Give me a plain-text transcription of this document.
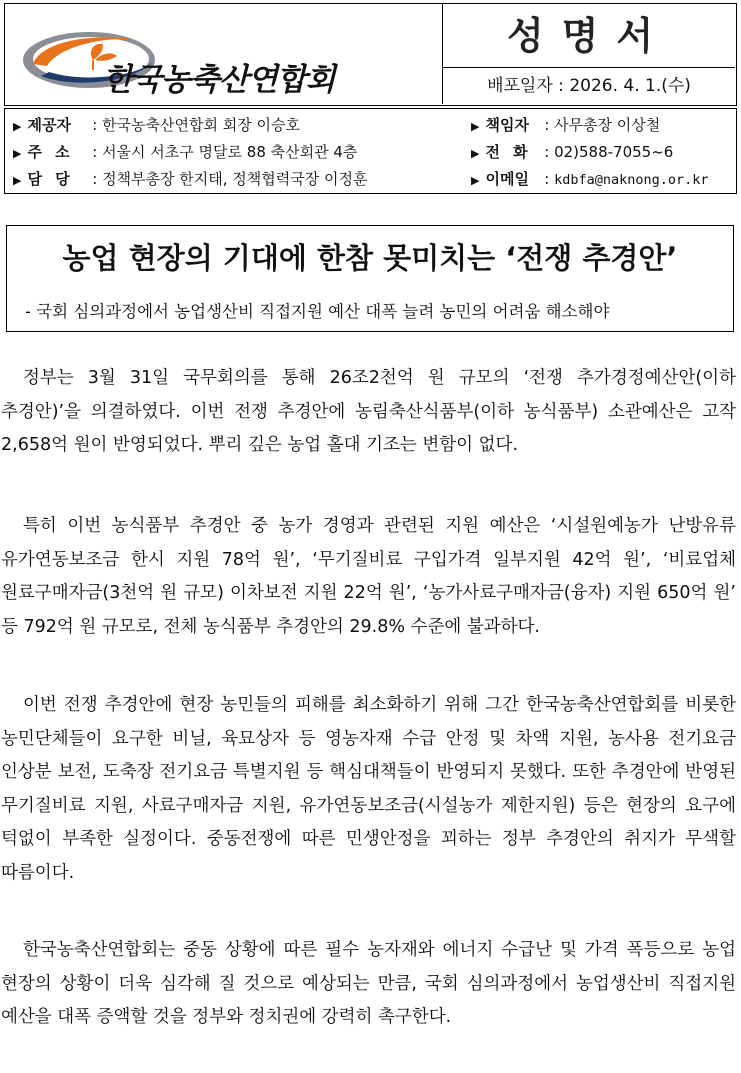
한국농축산연합회
성명서
배포일자 : 2026. 4. 1.(수)
▶ 제공자 : 한국농축산연합회 회장 이승호
▶ 주 소 : 서울시 서초구 명달로 88 축산회관 4층
▶ 담 당 : 정책부총장 한지태, 정책협력국장 이정훈
▶ 책임자 : 사무총장 이상철
▶ 전 화 : 02)588-7055~6
▶ 이메일 : kdbfa@naknong.or.kr
농업 현장의 기대에 한참 못미치는 ‘전쟁 추경안’
- 국회 심의과정에서 농업생산비 직접지원 예산 대폭 늘려 농민의 어려움 해소해야
정부는 3월 31일 국무회의를 통해 26조2천억 원 규모의 ‘전쟁 추가경정예산안(이하 추경안)’을 의결하였다. 이번 전쟁 추경안에 농림축산식품부(이하 농식품부) 소관예산은 고작 2,658억 원이 반영되었다. 뿌리 깊은 농업 홀대 기조는 변함이 없다.
특히 이번 농식품부 추경안 중 농가 경영과 관련된 지원 예산은 ‘시설원예농가 난방유류 유가연동보조금 한시 지원 78억 원’, ‘무기질비료 구입가격 일부지원 42억 원’, ‘비료업체 원료구매자금(3천억 원 규모) 이차보전 지원 22억 원’, ‘농가사료구매자금(융자) 지원 650억 원’ 등 792억 원 규모로, 전체 농식품부 추경안의 29.8% 수준에 불과하다.
이번 전쟁 추경안에 현장 농민들의 피해를 최소화하기 위해 그간 한국농축산연합회를 비롯한 농민단체들이 요구한 비닐, 육묘상자 등 영농자재 수급 안정 및 차액 지원, 농사용 전기요금 인상분 보전, 도축장 전기요금 특별지원 등 핵심대책들이 반영되지 못했다. 또한 추경안에 반영된 무기질비료 지원, 사료구매자금 지원, 유가연동보조금(시설농가 제한지원) 등은 현장의 요구에 턱없이 부족한 실정이다. 중동전쟁에 따른 민생안정을 꾀하는 정부 추경안의 취지가 무색할 따름이다.
한국농축산연합회는 중동 상황에 따른 필수 농자재와 에너지 수급난 및 가격 폭등으로 농업 현장의 상황이 더욱 심각해 질 것으로 예상되는 만큼, 국회 심의과정에서 농업생산비 직접지원 예산을 대폭 증액할 것을 정부와 정치권에 강력히 촉구한다.
